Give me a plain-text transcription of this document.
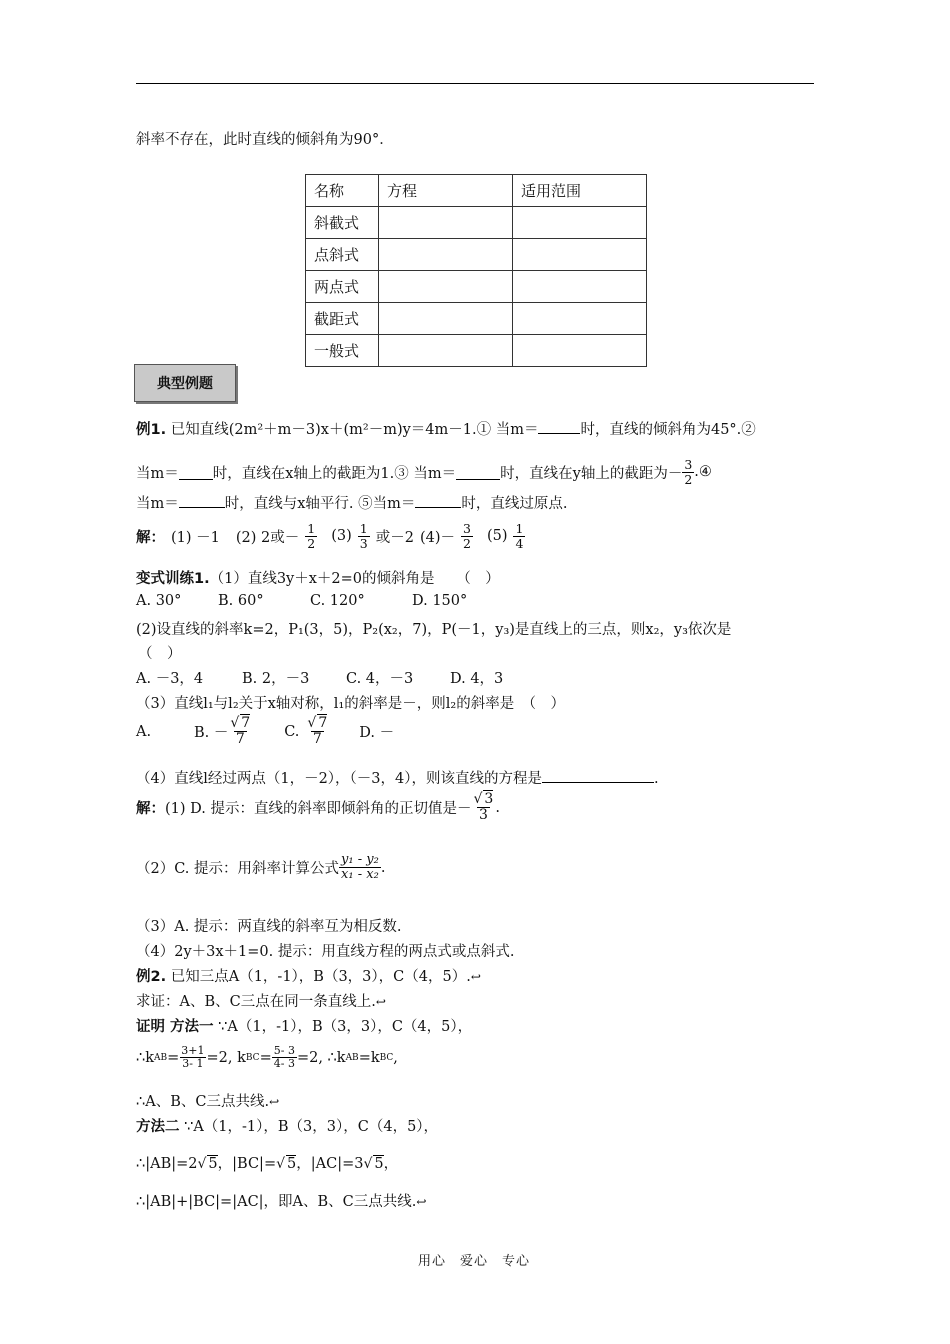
斜率不存在，此时直线的倾斜角为90°．
名称	方程	适用范围
斜截式		
点斜式		
两点式		
截距式		
一般式		
典型例题
例1. 已知直线(2m²＋m－3)x＋(m²－m)y＝4m－1.① 当m＝	时，直线的倾斜角为45°.②
当m＝ 时，直线在x轴上的截距为1.③ 当m＝	时，直线在y轴上的截距为－ $\frac{3}{2}$ .④
当m＝	时，直线与x轴平行. ⑤当m＝	时，直线过原点.
解： (1) －1 (2) 2或－ $\frac{1}{2} (3) \frac{1}{3}$ 或－2 $(4)- \frac{3}{2} (5) \frac{1}{4}$
变式训练1.（1）直线3y＋x＋2=0的倾斜角是　　（　）
A. 30°	B. 60°	C. 120°	D. 150°
(2)设直线的斜率k=2，P₁(3，5)，P₂(x₂，7)，P(－1，y₃)是直线上的三点，则x₂，y₃依次是
（　）
A. －3，4	B. 2，－3	C. 4，－3	D. 4，3
（3）直线l₁与l₂关于x轴对称，l₁的斜率是－，则l₂的斜率是　（　）
A.	B. － $\frac{√ 7}{7} C$. $\frac{√ 7}{7} D$. －
（4）直线l经过两点（1，－2），（－3，4），则该直线的方程是	.
解： (1) D. 提示：直线的斜率即倾斜角的正切值是－ $\frac{√ 3}{3}$ .
（2）C. 提示：用斜率计算公式 $\frac{\text{y₁ - y₂}}{\text{x₁ - x₂}}$ .
（3）A. 提示：两直线的斜率互为相反数.
（4）2y＋3x＋1=0. 提示：用直线方程的两点式或点斜式.
例2. 已知三点A（1，-1），B（3，3），C（4，5）.↩
求证：A、B、C三点在同一条直线上.↩
证明 方法一 ∵A（1，-1），B（3，3），C（4，5），
∴k AB = $\frac{3+1}{3- 1} =2$, k BC = $\frac{5- 3}{4- 3} =2$, ∴k AB =k BC ,
∴A、B、C三点共线.↩
方法二 ∵A（1，-1），B（3，3），C（4，5），
∴|AB|=2√ 5，|BC|=√ 5，|AC|=3√ 5，
∴|AB|+|BC|=|AC|，即A、B、C三点共线.↩
用心　爱心　专心
